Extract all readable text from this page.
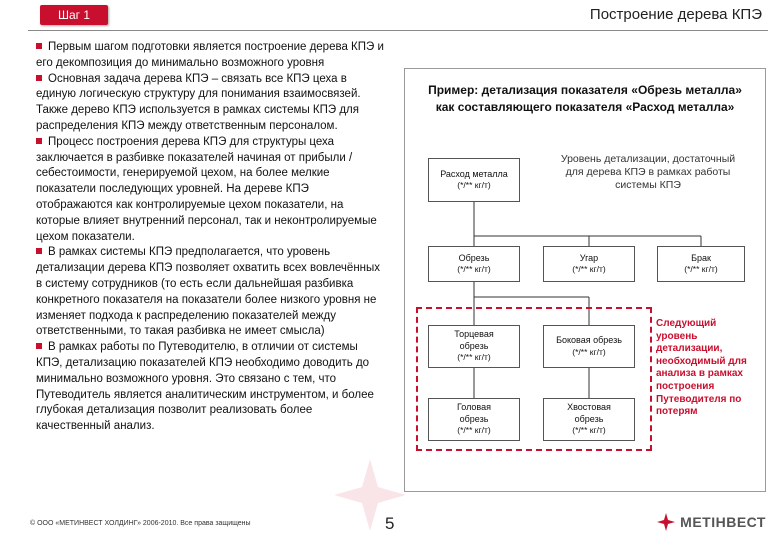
Шаг 1	Построение дерева КПЭ
Первым шагом подготовки является построение дерева КПЭ и его декомпозиция до минимально возможного уровня
Основная задача дерева КПЭ – связать все КПЭ цеха в единую логическую структуру для понимания взаимосвязей. Также дерево КПЭ используется в рамках системы КПЭ для распределения КПЭ между ответственным персоналом.
Процесс построения дерева КПЭ для структуры цеха заключается в разбивке показателей начиная от прибыли / себестоимости, генерируемой цехом, на более мелкие показатели последующих уровней. На дереве КПЭ отображаются как контролируемые цехом показатели, на которые влияет внутренний персонал, так и неконтролируемые цехом показатели.
В рамках системы КПЭ предполагается, что уровень детализации дерева КПЭ позволяет охватить всех вовлечённых в систему сотрудников (то есть если дальнейшая разбивка конкретного показателя на показатели более низкого уровня не изменяет подхода к распределению показателей между ответственными, то такая разбивка не имеет смысла)
В рамках работы по Путеводителю, в отличии от системы КПЭ, детализацию показателей КПЭ необходимо доводить до минимально возможного уровня. Это связано с тем, что Путеводитель является аналитическим инструментом, и более глубокая детализация позволит реализовать более качественный анализ.
Пример: детализация показателя «Обрезь металла» как составляющего показателя «Расход металла»
Расход металла
(*/** кг/т)
Уровень детализации, достаточный для дерева КПЭ в рамках работы системы КПЭ
Обрезь
(*/** кг/т)
Угар
(*/** кг/т)
Брак
(*/** кг/т)
Торцевая
обрезь
(*/** кг/т)
Боковая обрезь
(*/** кг/т)
Головая
обрезь
(*/** кг/т)
Хвостовая
обрезь
(*/** кг/т)
Следующий уровень детализации, необходимый для анализа в рамках построения Путеводителя по потерям
© ООО «МЕТИНВЕСТ ХОЛДИНГ» 2006-2010. Все права защищены	5	МЕТІНВЕСТ
